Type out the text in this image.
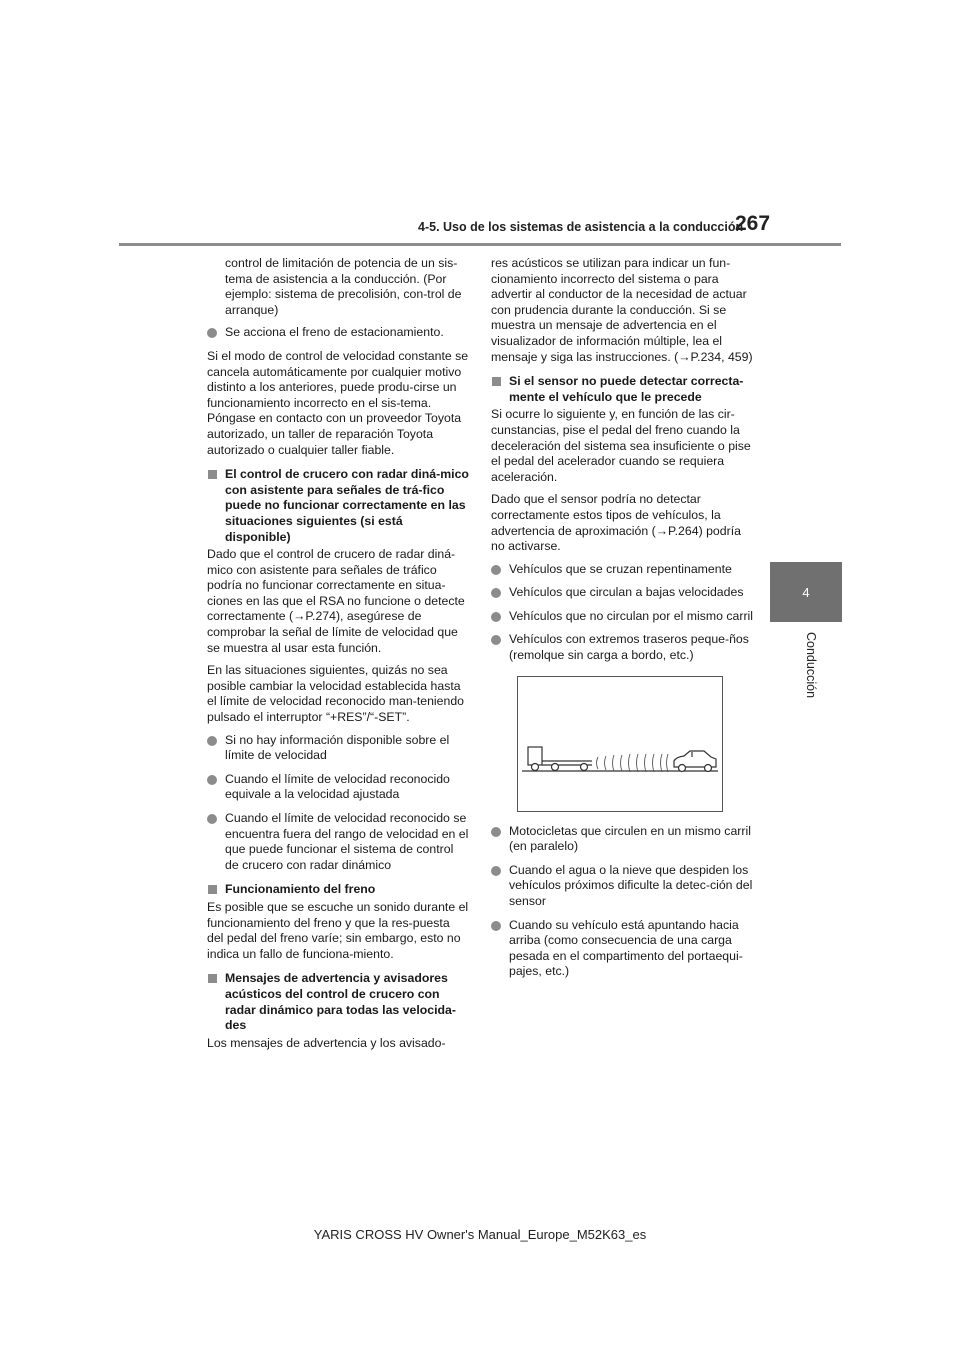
4-5. Uso de los sistemas de asistencia a la conducción
267
4
Conducción

control de limitación de potencia de un sis-tema de asistencia a la conducción. (Por ejemplo: sistema de precolisión, con-trol de arranque)

Se acciona el freno de estacionamiento.

Si el modo de control de velocidad constante se cancela automáticamente por cualquier motivo distinto a los anteriores, puede produ-cirse un funcionamiento incorrecto en el sis-tema. Póngase en contacto con un proveedor Toyota autorizado, un taller de reparación Toyota autorizado o cualquier taller fiable.

El control de crucero con radar diná-mico con asistente para señales de trá-fico puede no funcionar correctamente en las situaciones siguientes (si está disponible)

Dado que el control de crucero de radar diná-mico con asistente para señales de tráfico podría no funcionar correctamente en situa-ciones en las que el RSA no funcione o detecte correctamente (→P.274), asegúrese de comprobar la señal de límite de velocidad que se muestra al usar esta función.

En las situaciones siguientes, quizás no sea posible cambiar la velocidad establecida hasta el límite de velocidad reconocido man-teniendo pulsado el interruptor “+RES”/“-SET”.

Si no hay información disponible sobre el límite de velocidad
Cuando el límite de velocidad reconocido equivale a la velocidad ajustada
Cuando el límite de velocidad reconocido se encuentra fuera del rango de velocidad en el que puede funcionar el sistema de control de crucero con radar dinámico
Funcionamiento del freno

Es posible que se escuche un sonido durante el funcionamiento del freno y que la res-puesta del pedal del freno varíe; sin embargo, esto no indica un fallo de funciona-miento.

Mensajes de advertencia y avisadores acústicos del control de crucero con radar dinámico para todas las velocida-des

Los mensajes de advertencia y los avisado-

res acústicos se utilizan para indicar un fun-cionamiento incorrecto del sistema o para advertir al conductor de la necesidad de actuar con prudencia durante la conducción. Si se muestra un mensaje de advertencia en el visualizador de información múltiple, lea el mensaje y siga las instrucciones. (→P.234, 459)

Si el sensor no puede detectar correcta-mente el vehículo que le precede

Si ocurre lo siguiente y, en función de las cir-cunstancias, pise el pedal del freno cuando la deceleración del sistema sea insuficiente o pise el pedal del acelerador cuando se requiera aceleración.

Dado que el sensor podría no detectar correctamente estos tipos de vehículos, la advertencia de aproximación (→P.264) podría no activarse.

Vehículos que se cruzan repentinamente
Vehículos que circulan a bajas velocidades
Vehículos que no circulan por el mismo carril
Vehículos con extremos traseros peque-ños (remolque sin carga a bordo, etc.)
Motocicletas que circulen en un mismo carril (en paralelo)
Cuando el agua o la nieve que despiden los vehículos próximos dificulte la detec-ción del sensor
Cuando su vehículo está apuntando hacia arriba (como consecuencia de una carga pesada en el compartimento del portaequi-pajes, etc.)
YARIS CROSS HV Owner's Manual_Europe_M52K63_es
